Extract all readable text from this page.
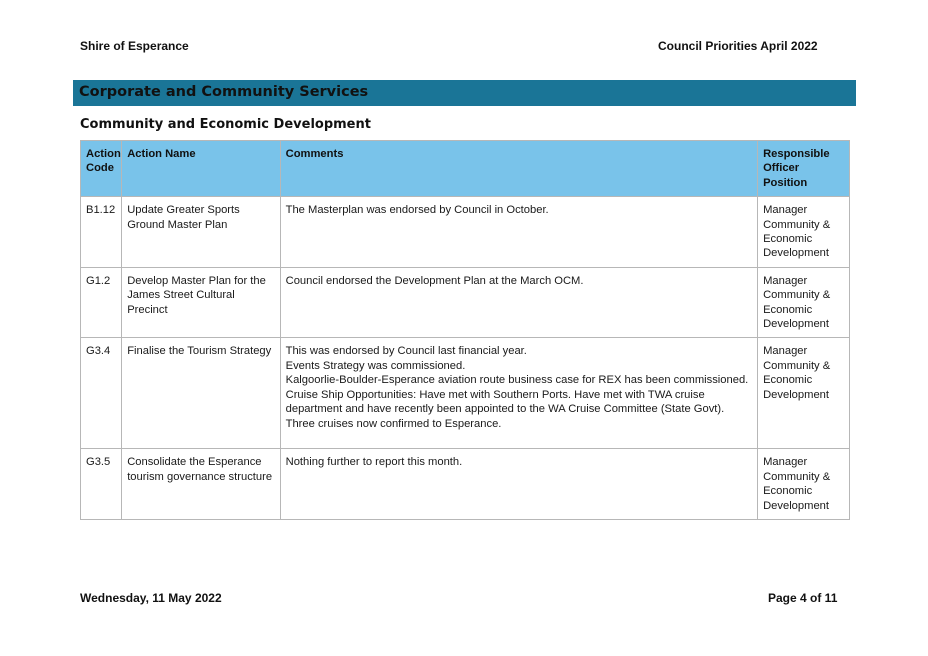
Shire of Esperance	Council Priorities April 2022
Corporate and Community Services
Community and Economic Development
Action Code	Action Name	Comments	Responsible Officer Position
B1.12	Update Greater Sports Ground Master Plan	The Masterplan was endorsed by Council in October.	Manager Community & Economic Development
G1.2	Develop Master Plan for the James Street Cultural Precinct	Council endorsed the Development Plan at the March OCM.	Manager Community & Economic Development
G3.4	Finalise the Tourism Strategy	This was endorsed by Council last financial year.
Events Strategy was commissioned.
Kalgoorlie-Boulder-Esperance aviation route business case for REX has been commissioned.
Cruise Ship Opportunities: Have met with Southern Ports. Have met with TWA cruise department and have recently been appointed to the WA Cruise Committee (State Govt). Three cruises now confirmed to Esperance.	Manager Community & Economic Development
G3.5	Consolidate the Esperance tourism governance structure	Nothing further to report this month.	Manager Community & Economic Development
Wednesday, 11 May 2022	Page 4 of 11
